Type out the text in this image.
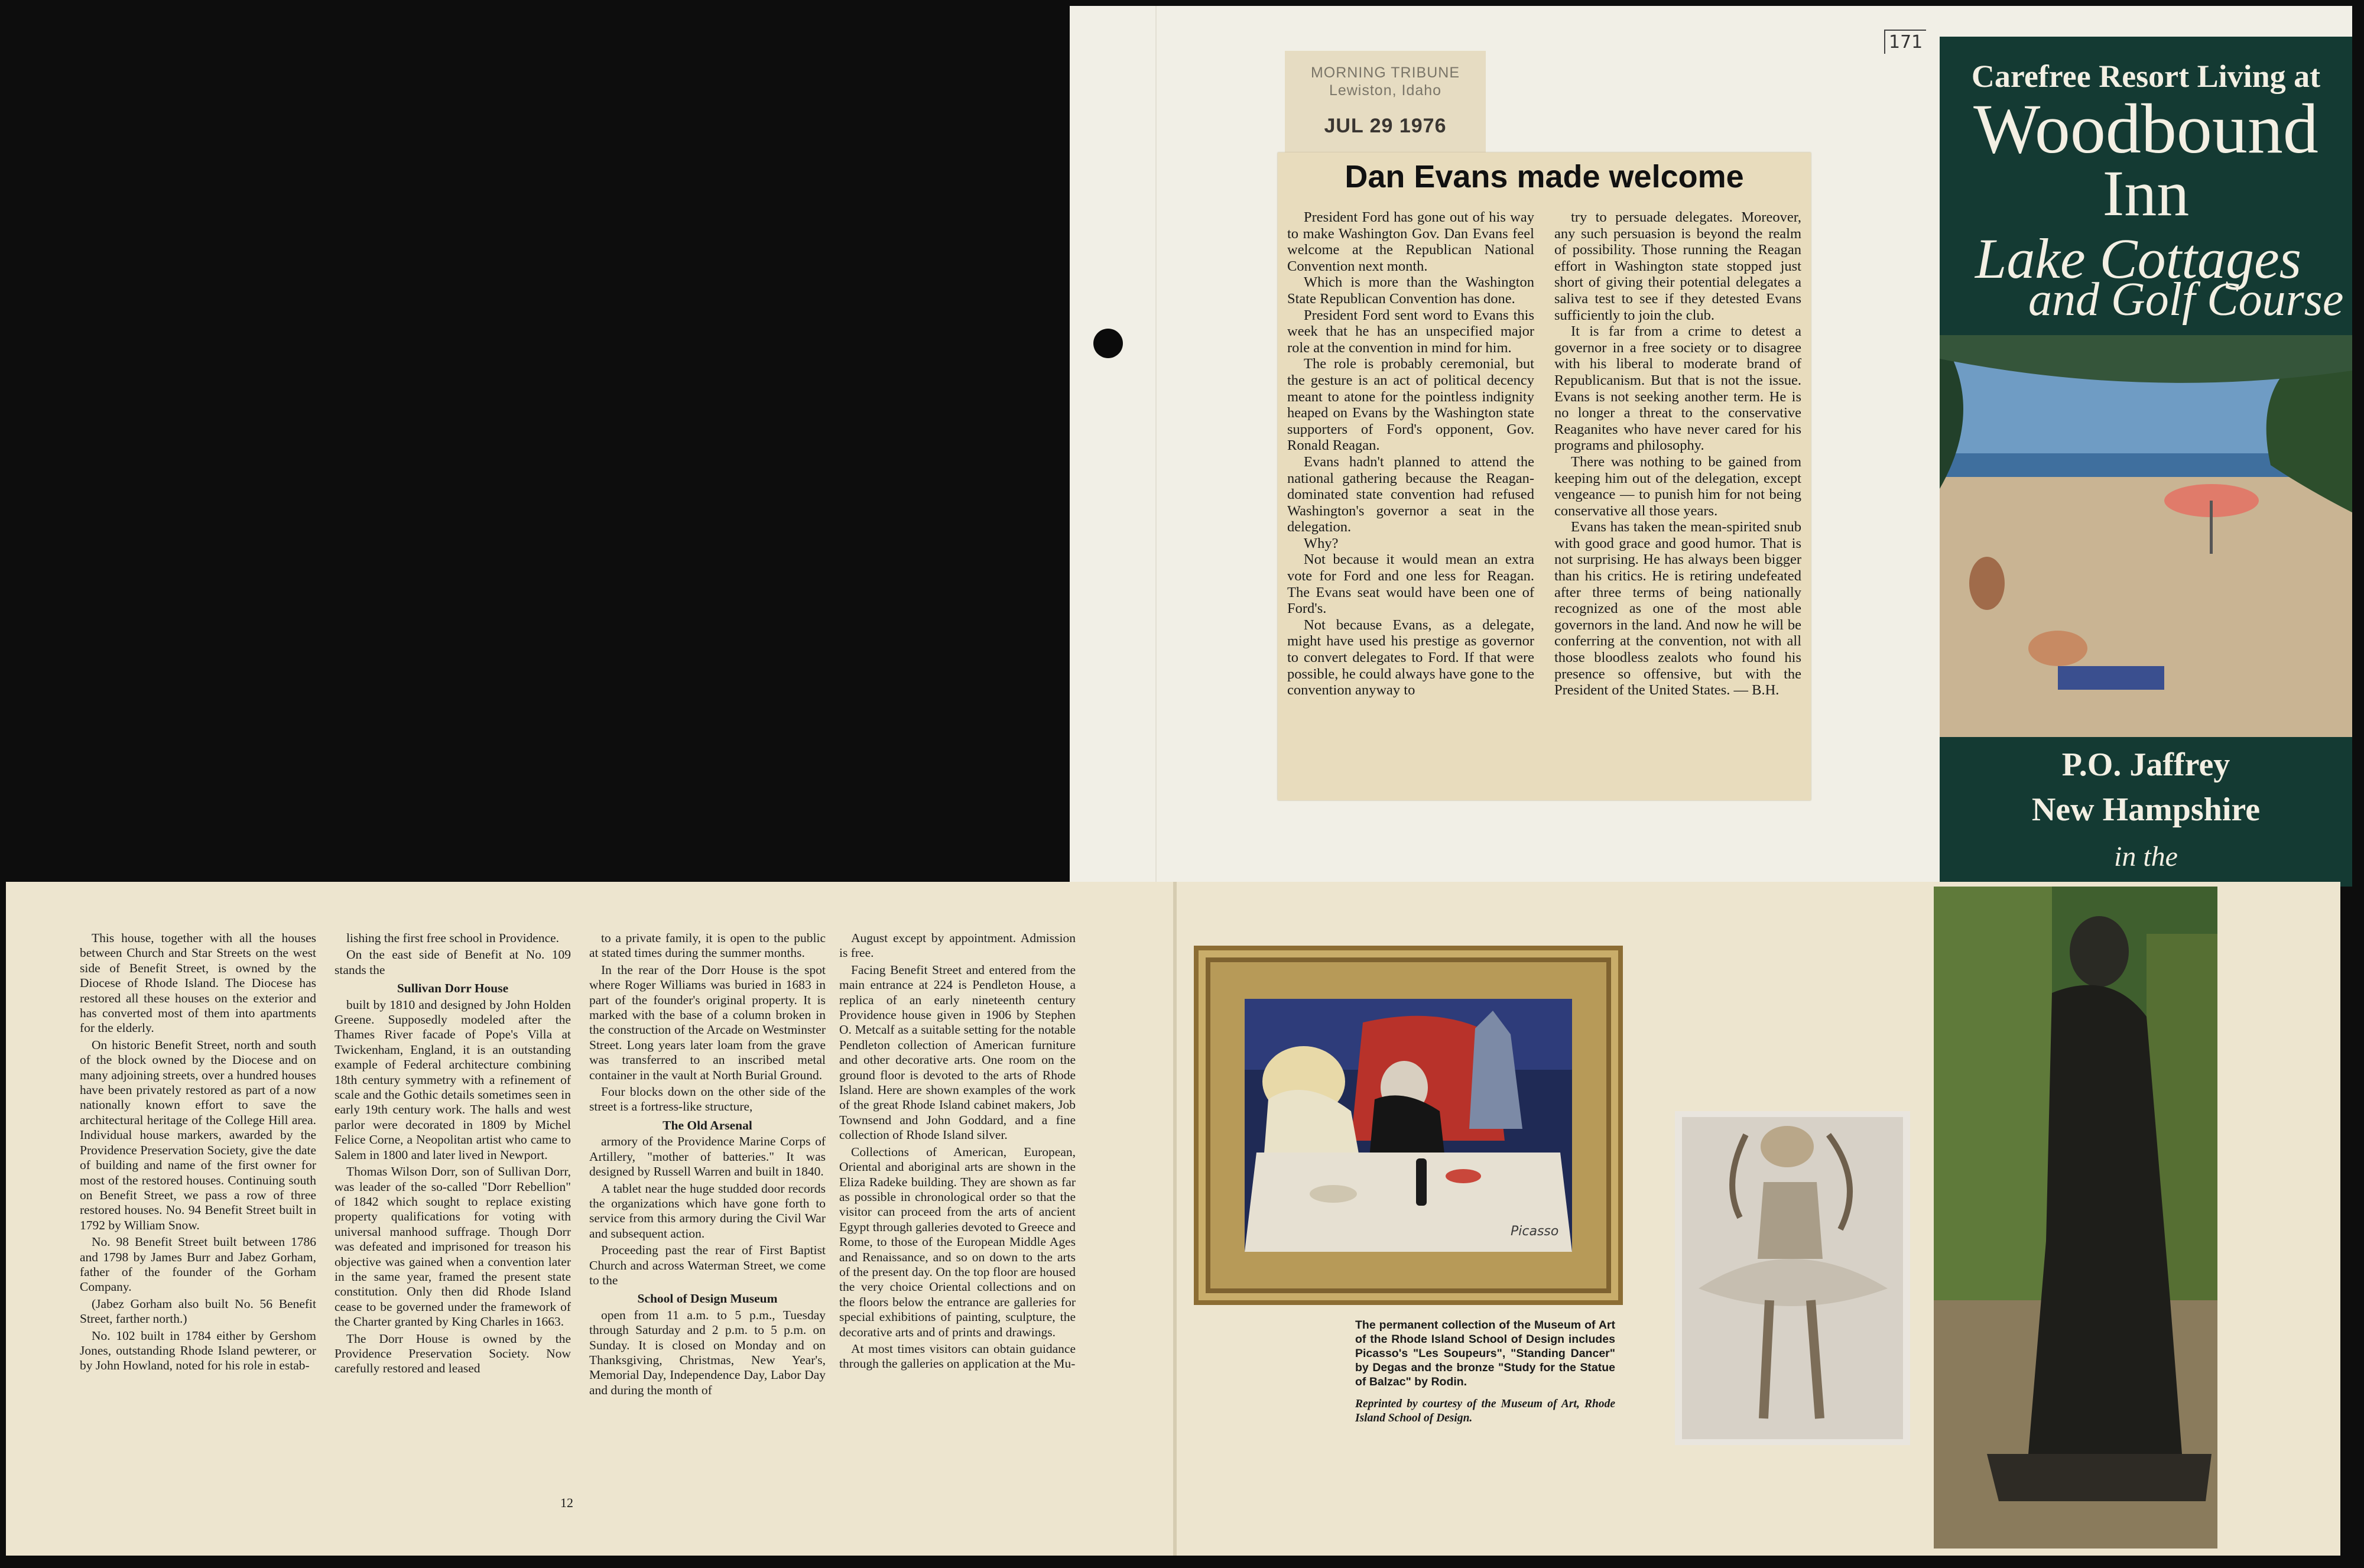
171
MORNING TRIBUNE
Lewiston, Idaho
JUL 29 1976
Dan Evans made welcome

President Ford has gone out of his way to make Washington Gov. Dan Evans feel welcome at the Republican National Convention next month.

Which is more than the Washington State Republican Convention has done.

President Ford sent word to Evans this week that he has an unspecified major role at the convention in mind for him.

The role is probably ceremonial, but the gesture is an act of political decency meant to atone for the pointless indignity heaped on Evans by the Washington state supporters of Ford's opponent, Gov. Ronald Reagan.

Evans hadn't planned to attend the national gathering because the Reagan-dominated state convention had refused Washington's governor a seat in the delegation.

Why?

Not because it would mean an extra vote for Ford and one less for Reagan. The Evans seat would have been one of Ford's.

Not because Evans, as a delegate, might have used his prestige as governor to convert delegates to Ford. If that were possible, he could always have gone to the convention anyway to

try to persuade delegates. Moreover, any such persuasion is beyond the realm of possibility. Those running the Reagan effort in Washington state stopped just short of giving their potential delegates a saliva test to see if they detested Evans sufficiently to join the club.

It is far from a crime to detest a governor in a free society or to disagree with his liberal to moderate brand of Republicanism. But that is not the issue. Evans is not seeking another term. He is no longer a threat to the conservative Reaganites who have never cared for his programs and philosophy.

There was nothing to be gained from keeping him out of the delegation, except vengeance — to punish him for not being conservative all those years.

Evans has taken the mean-spirited snub with good grace and good humor. That is not surprising. He has always been bigger than his critics. He is retiring undefeated after three terms of being nationally recognized as one of the most able governors in the land. And now he will be conferring at the convention, not with all those bloodless zealots who found his presence so offensive, but with the President of the United States. — B.H.

Carefree Resort Living at
Woodbound
Inn
Lake Cottages
and Golf Course
P.O. Jaffrey
New Hampshire
in the

This house, together with all the houses between Church and Star Streets on the west side of Benefit Street, is owned by the Diocese of Rhode Island. The Diocese has restored all these houses on the exterior and has converted most of them into apartments for the elderly.

On historic Benefit Street, north and south of the block owned by the Diocese and on many adjoining streets, over a hundred houses have been privately restored as part of a now nationally known effort to save the architectural heritage of the College Hill area. Individual house markers, awarded by the Providence Preservation Society, give the date of building and name of the first owner for most of the restored houses. Continuing south on Benefit Street, we pass a row of three restored houses. No. 94 Benefit Street built in 1792 by William Snow.

No. 98 Benefit Street built between 1786 and 1798 by James Burr and Jabez Gorham, father of the founder of the Gorham Company.

(Jabez Gorham also built No. 56 Benefit Street, farther north.)

No. 102 built in 1784 either by Gershom Jones, outstanding Rhode Island pewterer, or by John Howland, noted for his role in estab-

lishing the first free school in Providence.

On the east side of Benefit at No. 109 stands the

Sullivan Dorr House

built by 1810 and designed by John Holden Greene. Supposedly modeled after the Thames River facade of Pope's Villa at Twickenham, England, it is an outstanding example of Federal architecture combining 18th century symmetry with a refinement of scale and the Gothic details sometimes seen in early 19th century work. The halls and west parlor were decorated in 1809 by Michel Felice Corne, a Neopolitan artist who came to Salem in 1800 and later lived in Newport.

Thomas Wilson Dorr, son of Sullivan Dorr, was leader of the so-called "Dorr Rebellion" of 1842 which sought to replace existing property qualifications for voting with universal manhood suffrage. Though Dorr was defeated and imprisoned for treason his objective was gained when a convention later in the same year, framed the present state constitution. Only then did Rhode Island cease to be governed under the framework of the Charter granted by King Charles in 1663.

The Dorr House is owned by the Providence Preservation Society. Now carefully restored and leased

to a private family, it is open to the public at stated times during the summer months.

In the rear of the Dorr House is the spot where Roger Williams was buried in 1683 in part of the founder's original property. It is marked with the base of a column broken in the construction of the Arcade on Westminster Street. Long years later loam from the grave was transferred to an inscribed metal container in the vault at North Burial Ground.

Four blocks down on the other side of the street is a fortress-like structure,

The Old Arsenal

armory of the Providence Marine Corps of Artillery, "mother of batteries." It was designed by Russell Warren and built in 1840.

A tablet near the huge studded door records the organizations which have gone forth to service from this armory during the Civil War and subsequent action.

Proceeding past the rear of First Baptist Church and across Waterman Street, we come to the

School of Design Museum

open from 11 a.m. to 5 p.m., Tuesday through Saturday and 2 p.m. to 5 p.m. on Sunday. It is closed on Monday and on Thanksgiving, Christmas, New Year's, Memorial Day, Independence Day, Labor Day and during the month of

August except by appointment. Admission is free.

Facing Benefit Street and entered from the main entrance at 224 is Pendleton House, a replica of an early nineteenth century Providence house given in 1906 by Stephen O. Metcalf as a suitable setting for the notable Pendleton collection of American furniture and other decorative arts. One room on the ground floor is devoted to the arts of Rhode Island. Here are shown examples of the work of the great Rhode Island cabinet makers, Job Townsend and John Goddard, and a fine collection of Rhode Island silver.

Collections of American, European, Oriental and aboriginal arts are shown in the Eliza Radeke building. They are shown as far as possible in chronological order so that the visitor can proceed from the arts of ancient Egypt through galleries devoted to Greece and Rome, to those of the European Middle Ages and Renaissance, and so on down to the arts of the present day. On the top floor are housed the very choice Oriental collections and on the floors below the entrance are galleries for special exhibitions of painting, sculpture, the decorative arts and of prints and drawings.

At most times visitors can obtain guidance through the galleries on application at the Mu-

12
Picasso

The permanent collection of the Museum of Art of the Rhode Island School of Design includes Picasso's "Les Soupeurs", "Standing Dancer" by Degas and the bronze "Study for the Statue of Balzac" by Rodin.

Reprinted by courtesy of the Museum of Art, Rhode Island School of Design.
